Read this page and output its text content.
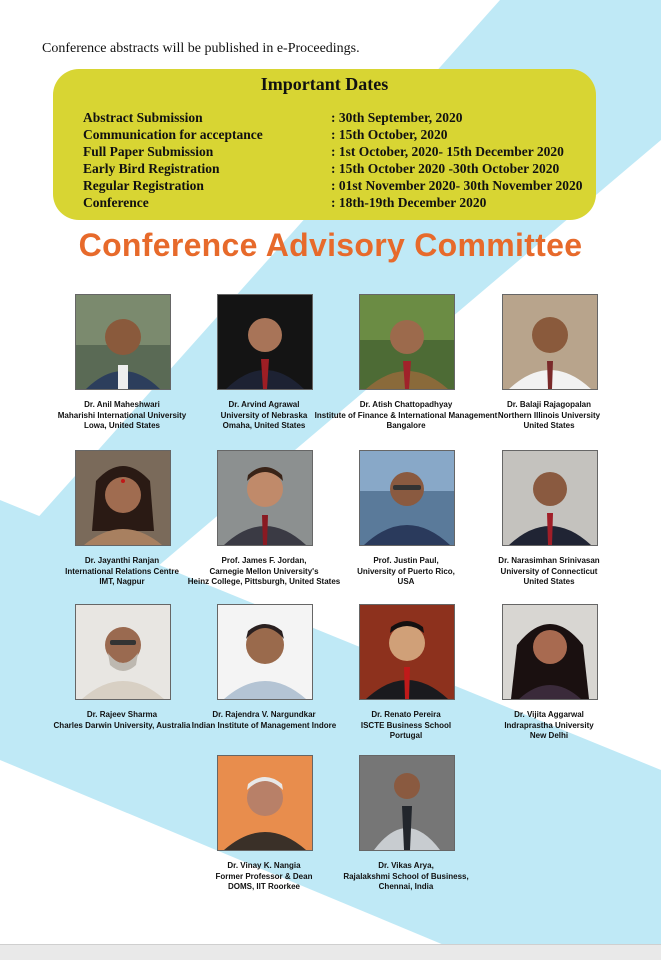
Conference abstracts will be published in e-Proceedings.
Important Dates
Abstract Submission	: 30th September, 2020
Communication for acceptance	: 15th October, 2020
Full Paper Submission	: 1st October, 2020- 15th December 2020
Early Bird Registration	: 15th October 2020 -30th October 2020
Regular Registration	: 01st November 2020- 30th November 2020
Conference	: 18th-19th December 2020
Conference Advisory Committee
Dr. Anil Maheshwari
Maharishi International University
Lowa, United States
Dr. Arvind Agrawal
University of Nebraska
Omaha, United States
Dr. Atish Chattopadhyay
Institute of Finance & International Management
Bangalore
Dr. Balaji Rajagopalan
Northern Illinois University
United States
Dr. Jayanthi Ranjan
International Relations Centre
IMT, Nagpur
Prof. James F. Jordan,
Carnegie Mellon University's
Heinz College, Pittsburgh, United States
Prof. Justin Paul,
University of Puerto Rico,
USA
Dr. Narasimhan Srinivasan
University of Connecticut
United States
Dr. Rajeev Sharma
Charles Darwin University, Australia
Dr. Rajendra V. Nargundkar
Indian Institute of Management Indore
Dr. Renato Pereira
ISCTE Business School
Portugal
Dr. Vijita Aggarwal
Indraprastha University
New Delhi
Dr. Vinay K. Nangia
Former Professor & Dean
DOMS, IIT Roorkee
Dr. Vikas Arya,
Rajalakshmi School of Business,
Chennai, India
